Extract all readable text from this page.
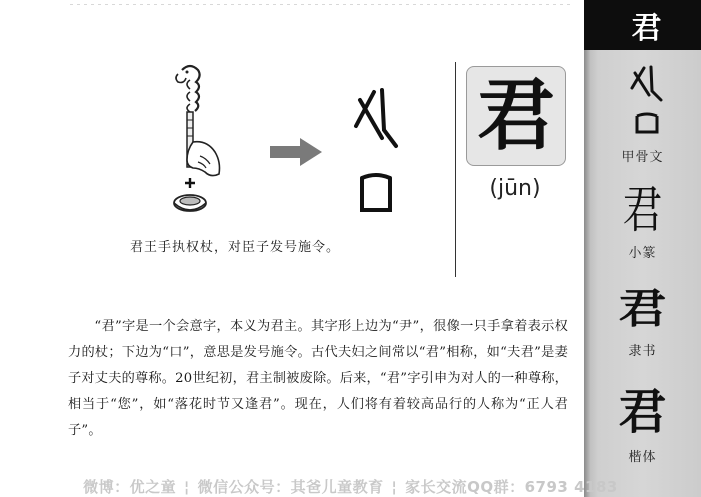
君王手执权杖，对臣子发号施令。
君
(jūn)
“君”字是一个会意字，本义为君主。其字形上边为“尹”，很像一只手拿着表示权力的杖；下边为“口”，意思是发号施令。古代夫妇之间常以“君”相称，如“夫君”是妻子对丈夫的尊称。20世纪初，君主制被废除。后来，“君”字引申为对人的一种尊称，相当于“您”，如“落花时节又逢君”。现在，人们将有着较高品行的人称为“正人君子”。
君
甲骨文
君
小篆
君
隶书
君
楷体
微博：优之童 ¦ 微信公众号：其爸儿童教育 ¦ 家长交流QQ群：6793 4183
